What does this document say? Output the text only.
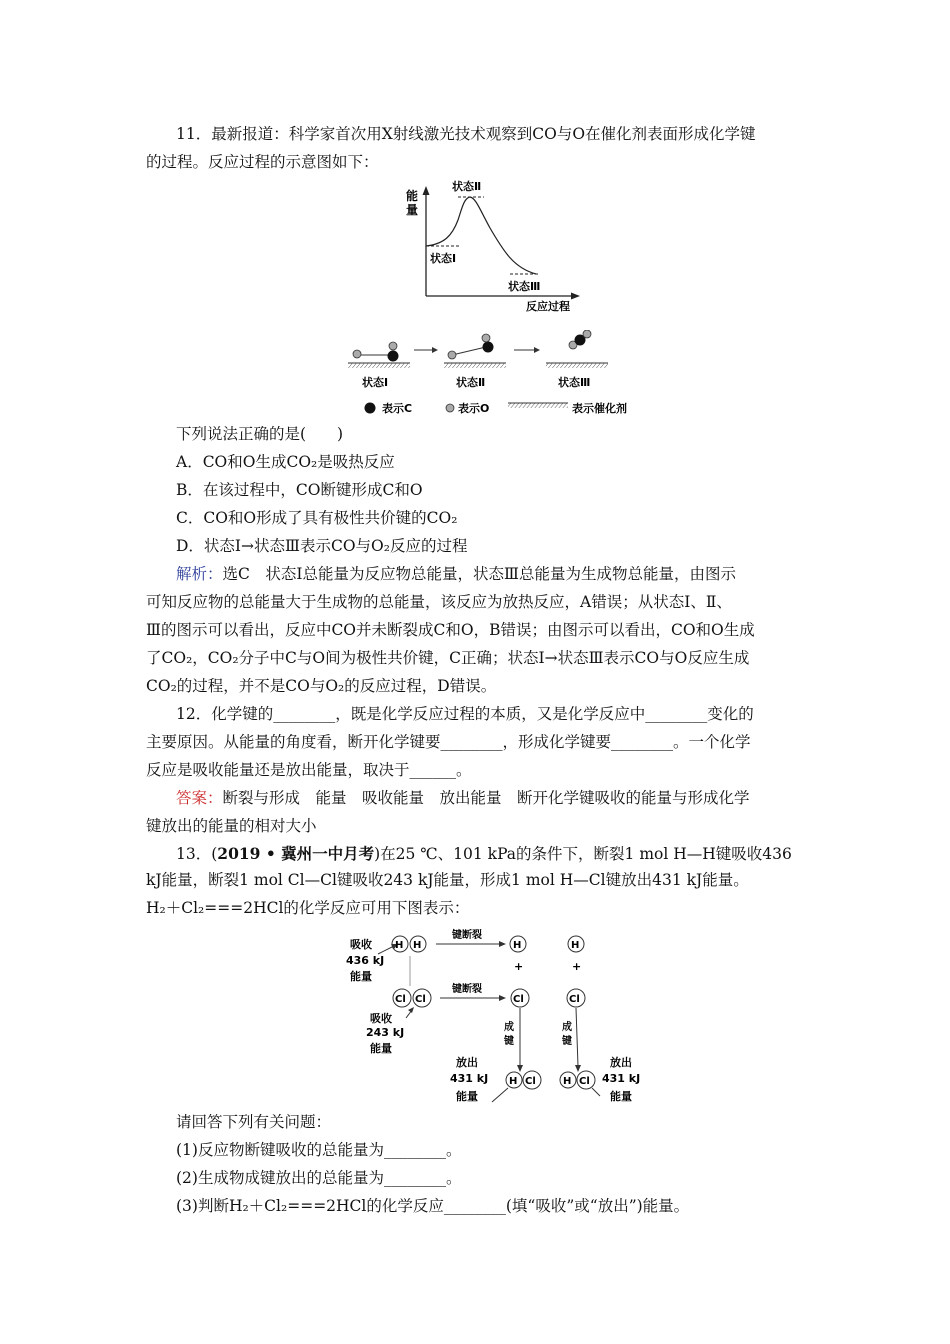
11．最新报道：科学家首次用X射线激光技术观察到CO与O在催化剂表面形成化学键
的过程。反应过程的示意图如下：
能
量
状态Ⅱ
状态Ⅰ
状态Ⅲ
反应过程
状态Ⅰ	状态Ⅱ	状态Ⅲ
表示C	表示O	表示催化剂
下列说法正确的是(　　)
A．CO和O生成CO₂是吸热反应
B．在该过程中，CO断键形成C和O
C．CO和O形成了具有极性共价键的CO₂
D．状态Ⅰ→状态Ⅲ表示CO与O₂反应的过程
解析：选C　状态Ⅰ总能量为反应物总能量，状态Ⅲ总能量为生成物总能量，由图示
可知反应物的总能量大于生成物的总能量，该反应为放热反应，A错误；从状态Ⅰ、Ⅱ、
Ⅲ的图示可以看出，反应中CO并未断裂成C和O，B错误；由图示可以看出，CO和O生成
了CO₂，CO₂分子中C与O间为极性共价键，C正确；状态Ⅰ→状态Ⅲ表示CO与O反应生成
CO₂的过程，并不是CO与O₂的反应过程，D错误。
12．化学键的________，既是化学反应过程的本质，又是化学反应中________变化的
主要原因。从能量的角度看，断开化学键要________，形成化学键要________。一个化学
反应是吸收能量还是放出能量，取决于______。
答案：断裂与形成　能量　吸收能量　放出能量　断开化学键吸收的能量与形成化学
键放出的能量的相对大小
13．(2019 • 冀州一中月考)在25 ℃、101 kPa的条件下，断裂1 mol H—H键吸收436
kJ能量，断裂1 mol Cl—Cl键吸收243 kJ能量，形成1 mol H—Cl键放出431 kJ能量。
H₂＋Cl₂===2HCl的化学反应可用下图表示：
吸收
436 kJ
能量
H H
键断裂
H
+
H
+
Cl Cl
键断裂
Cl	Cl
吸收
243 kJ
能量
成
键
H Cl
成
键
H Cl
放出
431 kJ
能量
放出
431 kJ
能量
请回答下列有关问题：
(1)反应物断键吸收的总能量为________。
(2)生成物成键放出的总能量为________。
(3)判断H₂＋Cl₂===2HCl的化学反应________(填“吸收”或“放出”)能量。
